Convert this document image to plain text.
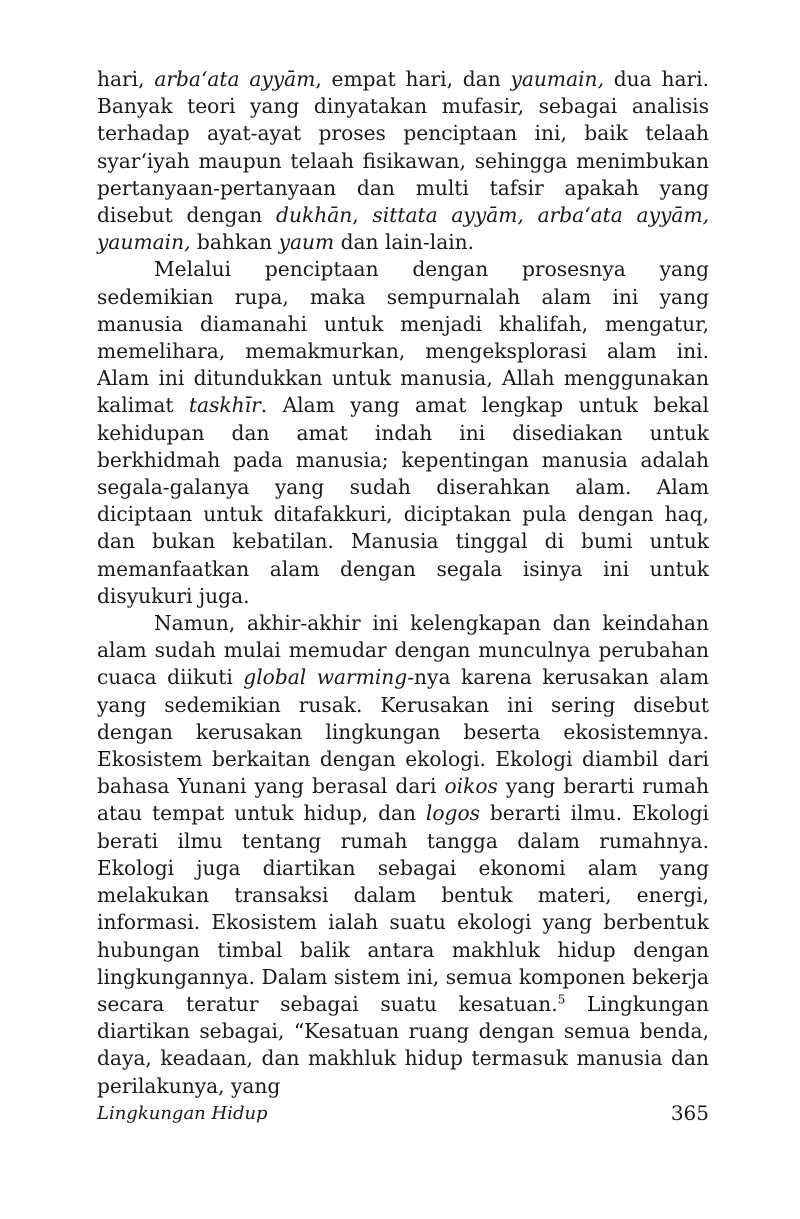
hari, arba‘ata ayyām, empat hari, dan yaumain, dua hari. Banyak teori yang dinyatakan mufasir, sebagai analisis terhadap ayat-ayat proses penciptaan ini, baik telaah syar‘iyah maupun telaah fisikawan, sehingga menimbukan pertanyaan-pertanyaan dan multi tafsir apakah yang disebut dengan dukhān, sittata ayyām, arba‘ata ayyām, yaumain, bahkan yaum dan lain-lain.

Melalui penciptaan dengan prosesnya yang sedemikian rupa, maka sempurnalah alam ini yang manusia diamanahi untuk menjadi khalifah, mengatur, memelihara, memakmurkan, mengeksplorasi alam ini. Alam ini ditundukkan untuk manusia, Allah menggunakan kalimat taskhīr. Alam yang amat lengkap untuk bekal kehidupan dan amat indah ini disediakan untuk berkhidmah pada manusia; kepentingan manusia adalah segala-galanya yang sudah diserahkan alam. Alam diciptaan untuk ditafakkuri, diciptakan pula dengan haq, dan bukan kebatilan. Manusia tinggal di bumi untuk memanfaatkan alam dengan segala isinya ini untuk disyukuri juga.

Namun, akhir-akhir ini kelengkapan dan keindahan alam sudah mulai memudar dengan munculnya perubahan cuaca diikuti global warming-nya karena kerusakan alam yang sedemikian rusak. Kerusakan ini sering disebut dengan kerusakan lingkungan beserta ekosistemnya. Ekosistem berkaitan dengan ekologi. Ekologi diambil dari bahasa Yunani yang berasal dari oikos yang berarti rumah atau tempat untuk hidup, dan logos berarti ilmu. Ekologi berati ilmu tentang rumah tangga dalam rumahnya. Ekologi juga diartikan sebagai ekonomi alam yang melakukan transaksi dalam bentuk materi, energi, informasi. Ekosistem ialah suatu ekologi yang berbentuk hubungan timbal balik antara makhluk hidup dengan lingkungannya. Dalam sistem ini, semua komponen bekerja secara teratur sebagai suatu kesatuan.$^5$ Lingkungan diartikan sebagai, “Kesatuan ruang dengan semua benda, daya, keadaan, dan makhluk hidup termasuk manusia dan perilakunya, yang

Lingkungan Hidup	365
